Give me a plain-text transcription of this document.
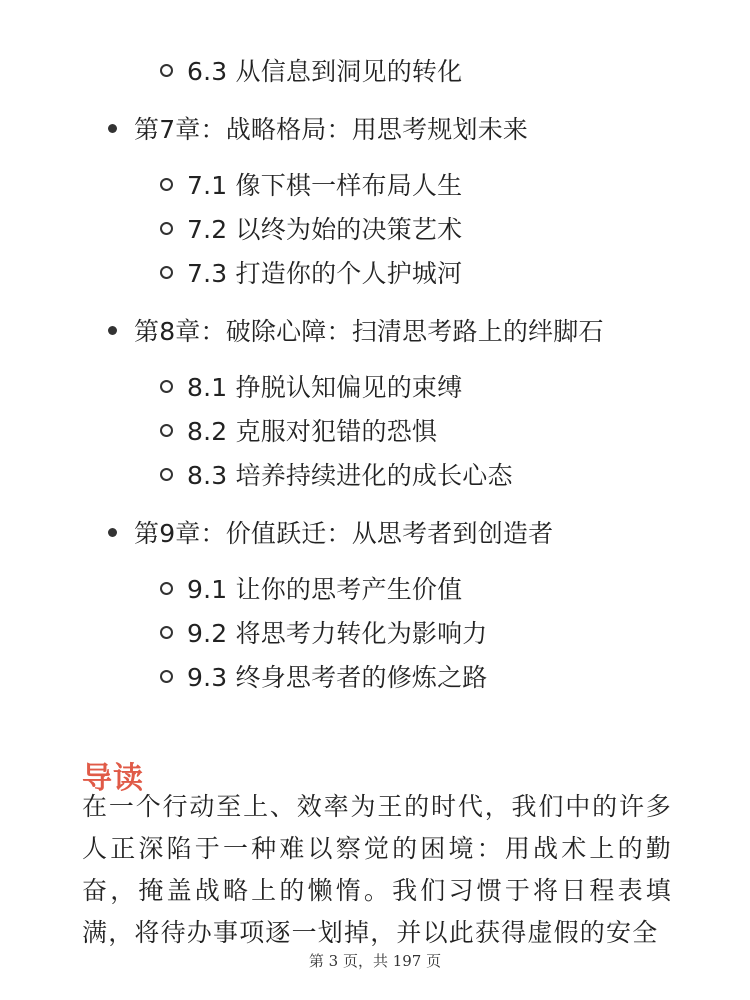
6.3 从信息到洞见的转化
第7章：战略格局：用思考规划未来
7.1 像下棋一样布局人生
7.2 以终为始的决策艺术
7.3 打造你的个人护城河
第8章：破除心障：扫清思考路上的绊脚石
8.1 挣脱认知偏见的束缚
8.2 克服对犯错的恐惧
8.3 培养持续进化的成长心态
第9章：价值跃迁：从思考者到创造者
9.1 让你的思考产生价值
9.2 将思考力转化为影响力
9.3 终身思考者的修炼之路
导读

在一个行动至上、效率为王的时代，我们中的许多人正深陷于一种难以察觉的困境：用战术上的勤奋，掩盖战略上的懒惰。我们习惯于将日程表填满，将待办事项逐一划掉，并以此获得虚假的安全

第 3 页，共 197 页
